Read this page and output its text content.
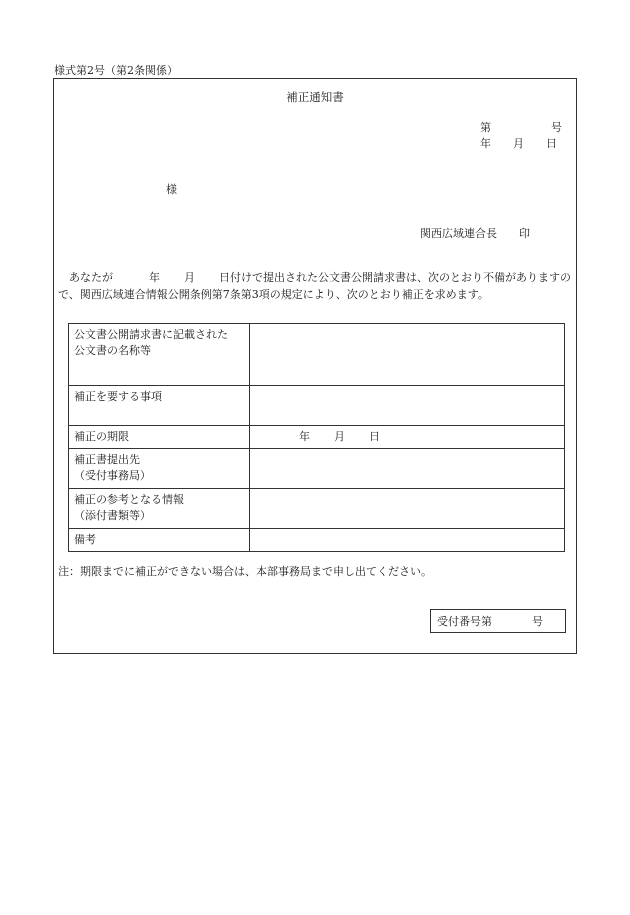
様式第2号（第2条関係）
補正通知書
第	号
年 月 日
様
関西広域連合長 印
あなたが	年 月 日付けで提出された公文書公開請求書は、次のとおり不備がありますので、関西広域連合情報公開条例第7条第3項の規定により、次のとおり補正を求めます。
公文書公開請求書に記載された
公文書の名称等	

補正を要する事項	

補正の期限	年 月 日

補正書提出先
（受付事務局）	

補正の参考となる情報
（添付書類等）	

備考	

注：期限までに補正ができない場合は、本部事務局まで申し出てください。
受付番号第	号
